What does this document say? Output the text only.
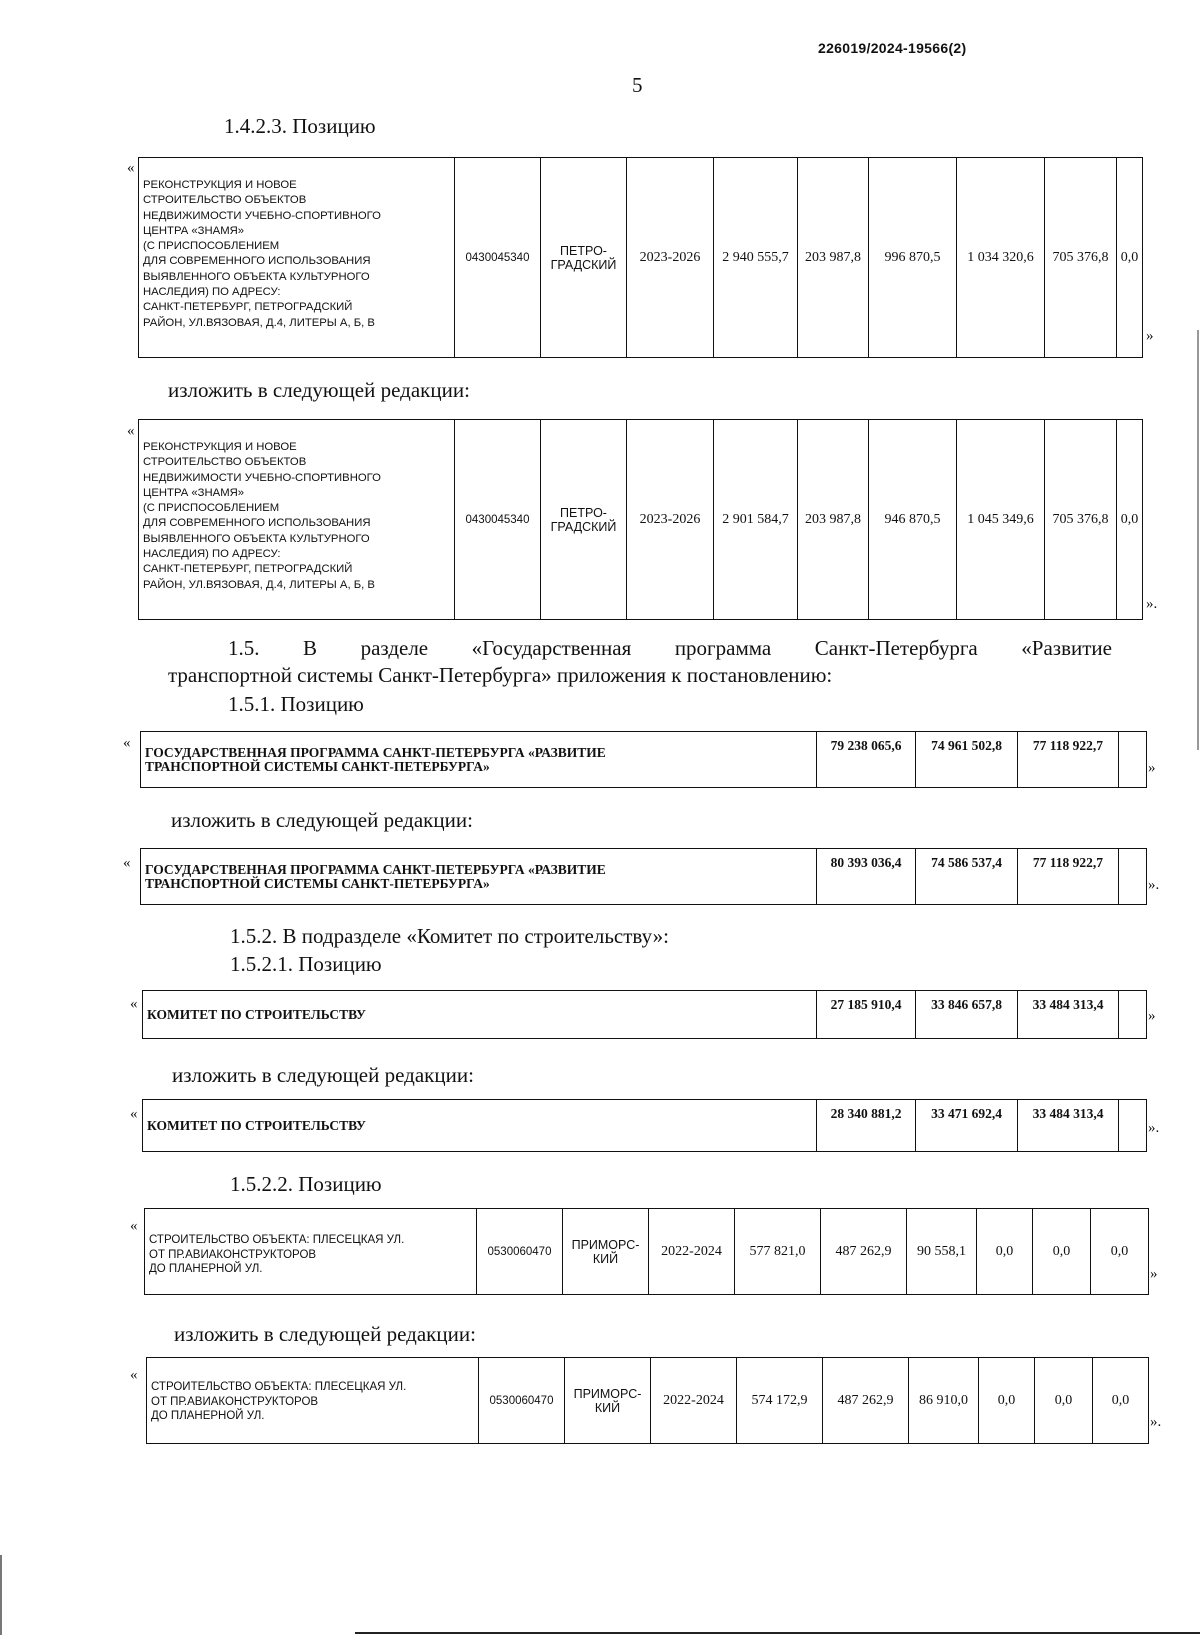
226019/2024-19566(2)
5
1.4.2.3. Позицию
«
РЕКОНСТРУКЦИЯ И НОВОЕ
СТРОИТЕЛЬСТВО ОБЪЕКТОВ
НЕДВИЖИМОСТИ УЧЕБНО-СПОРТИВНОГО
ЦЕНТРА «ЗНАМЯ»
(С ПРИСПОСОБЛЕНИЕМ
ДЛЯ СОВРЕМЕННОГО ИСПОЛЬЗОВАНИЯ
ВЫЯВЛЕННОГО ОБЪЕКТА КУЛЬТУРНОГО
НАСЛЕДИЯ) ПО АДРЕСУ:
САНКТ-ПЕТЕРБУРГ, ПЕТРОГРАДСКИЙ
РАЙОН, УЛ.ВЯЗОВАЯ, Д.4, ЛИТЕРЫ А, Б, В
	0430045340	ПЕТРО-
ГРАДСКИЙ	2023-2026	2 940 555,7	203 987,8	996 870,5	1 034 320,6	705 376,8	0,0
»
изложить в следующей редакции:
«
РЕКОНСТРУКЦИЯ И НОВОЕ
СТРОИТЕЛЬСТВО ОБЪЕКТОВ
НЕДВИЖИМОСТИ УЧЕБНО-СПОРТИВНОГО
ЦЕНТРА «ЗНАМЯ»
(С ПРИСПОСОБЛЕНИЕМ
ДЛЯ СОВРЕМЕННОГО ИСПОЛЬЗОВАНИЯ
ВЫЯВЛЕННОГО ОБЪЕКТА КУЛЬТУРНОГО
НАСЛЕДИЯ) ПО АДРЕСУ:
САНКТ-ПЕТЕРБУРГ, ПЕТРОГРАДСКИЙ
РАЙОН, УЛ.ВЯЗОВАЯ, Д.4, ЛИТЕРЫ А, Б, В
	0430045340	ПЕТРО-
ГРАДСКИЙ	2023-2026	2 901 584,7	203 987,8	946 870,5	1 045 349,6	705 376,8	0,0
».
1.5. В разделе «Государственная программа Санкт-Петербурга «Развитие
транспортной системы Санкт-Петербурга» приложения к постановлению:
1.5.1. Позицию
«
ГОСУДАРСТВЕННАЯ ПРОГРАММА САНКТ-ПЕТЕРБУРГА «РАЗВИТИЕ
ТРАНСПОРТНОЙ СИСТЕМЫ САНКТ-ПЕТЕРБУРГА»
	79 238 065,6	74 961 502,8	77 118 922,7	
»
изложить в следующей редакции:
« ГОСУДАРСТВЕННАЯ ПРОГРАММА САНКТ-ПЕТЕРБУРГА «РАЗВИТИЕ
ТРАНСПОРТНОЙ СИСТЕМЫ САНКТ-ПЕТЕРБУРГА»
	80 393 036,4	74 586 537,4	77 118 922,7	
».
1.5.2. В подразделе «Комитет по строительству»:
1.5.2.1. Позицию
«
КОМИТЕТ ПО СТРОИТЕЛЬСТВУ	27 185 910,4	33 846 657,8	33 484 313,4	
»
изложить в следующей редакции:
«
КОМИТЕТ ПО СТРОИТЕЛЬСТВУ	28 340 881,2	33 471 692,4	33 484 313,4	
».
1.5.2.2. Позицию
«
СТРОИТЕЛЬСТВО ОБЪЕКТА: ПЛЕСЕЦКАЯ УЛ.
ОТ ПР.АВИАКОНСТРУКТОРОВ
ДО ПЛАНЕРНОЙ УЛ.
	0530060470	ПРИМОРС-
КИЙ	2022-2024	577 821,0	487 262,9	90 558,1	0,0	0,0	0,0
»
изложить в следующей редакции:
«
СТРОИТЕЛЬСТВО ОБЪЕКТА: ПЛЕСЕЦКАЯ УЛ.
ОТ ПР.АВИАКОНСТРУКТОРОВ
ДО ПЛАНЕРНОЙ УЛ.
	0530060470	ПРИМОРС-
КИЙ	2022-2024	574 172,9	487 262,9	86 910,0	0,0	0,0	0,0
».
